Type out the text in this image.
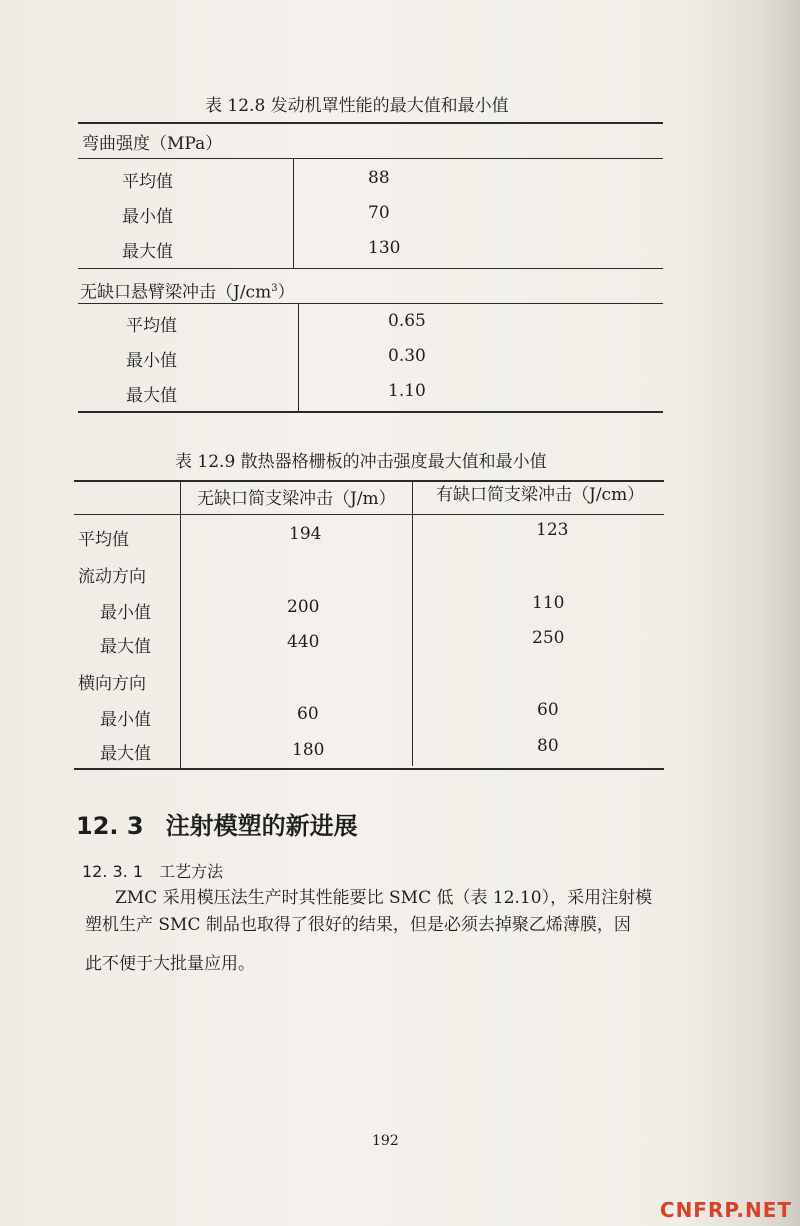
表 12.8 发动机罩性能的最大值和最小值
弯曲强度（MPa）
平均值	88
最小值	70
最大值	130
无缺口悬臂梁冲击$(J/cm^3)$
平均值	0.65
最小值	0.30
最大值	1.10
表 12.9 散热器格栅板的冲击强度最大值和最小值
无缺口简支梁冲击（J/m） 有缺口简支梁冲击（J/cm）
平均值	194	123
流动方向
最小值	200	110
最大值	440	250
横向方向
最小值	60	60
最大值	180	80
12. 3 注射模塑的新进展
12. 3. 1 工艺方法
ZMC 采用模压法生产时其性能要比 SMC 低（表 12.10），采用注射模
塑机生产 SMC 制品也取得了很好的结果，但是必须去掉聚乙烯薄膜，因
此不便于大批量应用。
192
CNFRP.NET
